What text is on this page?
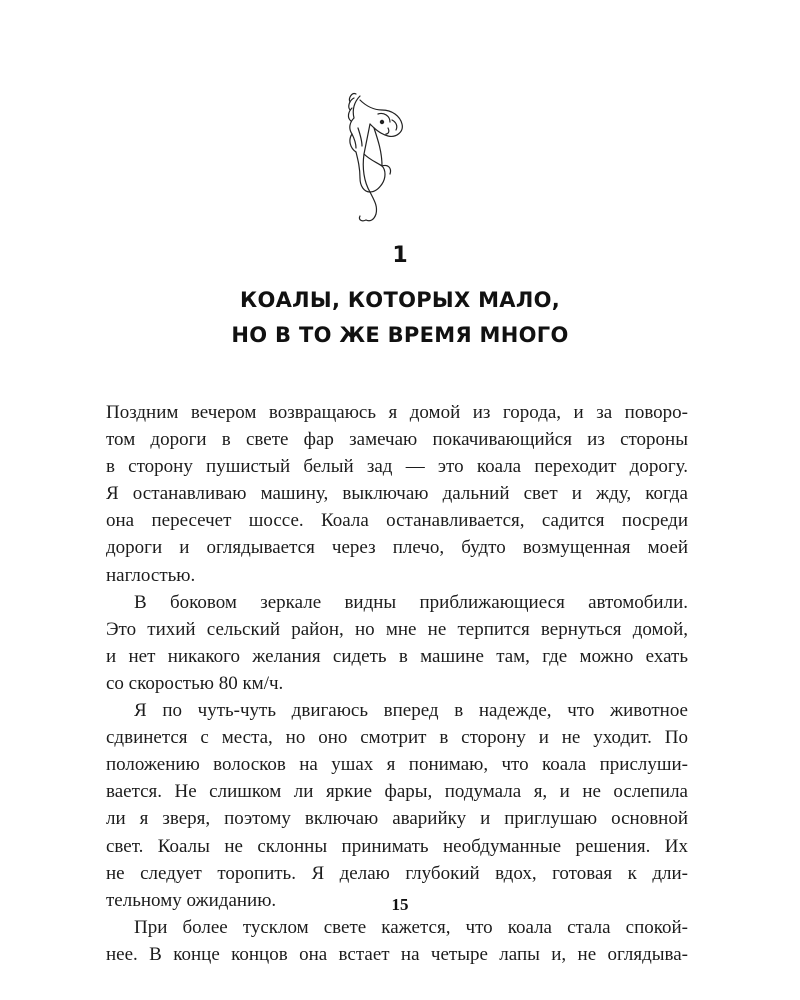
1
КОАЛЫ, КОТОРЫХ МАЛО,
НО В ТО ЖЕ ВРЕМЯ МНОГО
Поздним вечером возвращаюсь я домой из города, и за поворо-
том дороги в свете фар замечаю покачивающийся из стороны
в сторону пушистый белый зад — это коала переходит дорогу.
Я останавливаю машину, выключаю дальний свет и жду, когда
она пересечет шоссе. Коала останавливается, садится посреди
дороги и оглядывается через плечо, будто возмущенная моей
наглостью.
В боковом зеркале видны приближающиеся автомобили.
Это тихий сельский район, но мне не терпится вернуться домой,
и нет никакого желания сидеть в машине там, где можно ехать
со скоростью 80 км/ч.
Я по чуть-чуть двигаюсь вперед в надежде, что животное
сдвинется с места, но оно смотрит в сторону и не уходит. По
положению волосков на ушах я понимаю, что коала прислуши-
вается. Не слишком ли яркие фары, подумала я, и не ослепила
ли я зверя, поэтому включаю аварийку и приглушаю основной
свет. Коалы не склонны принимать необдуманные решения. Их
не следует торопить. Я делаю глубокий вдох, готовая к дли-
тельному ожиданию.
При более тусклом свете кажется, что коала стала спокой-
нее. В конце концов она встает на четыре лапы и, не оглядыва-
15
